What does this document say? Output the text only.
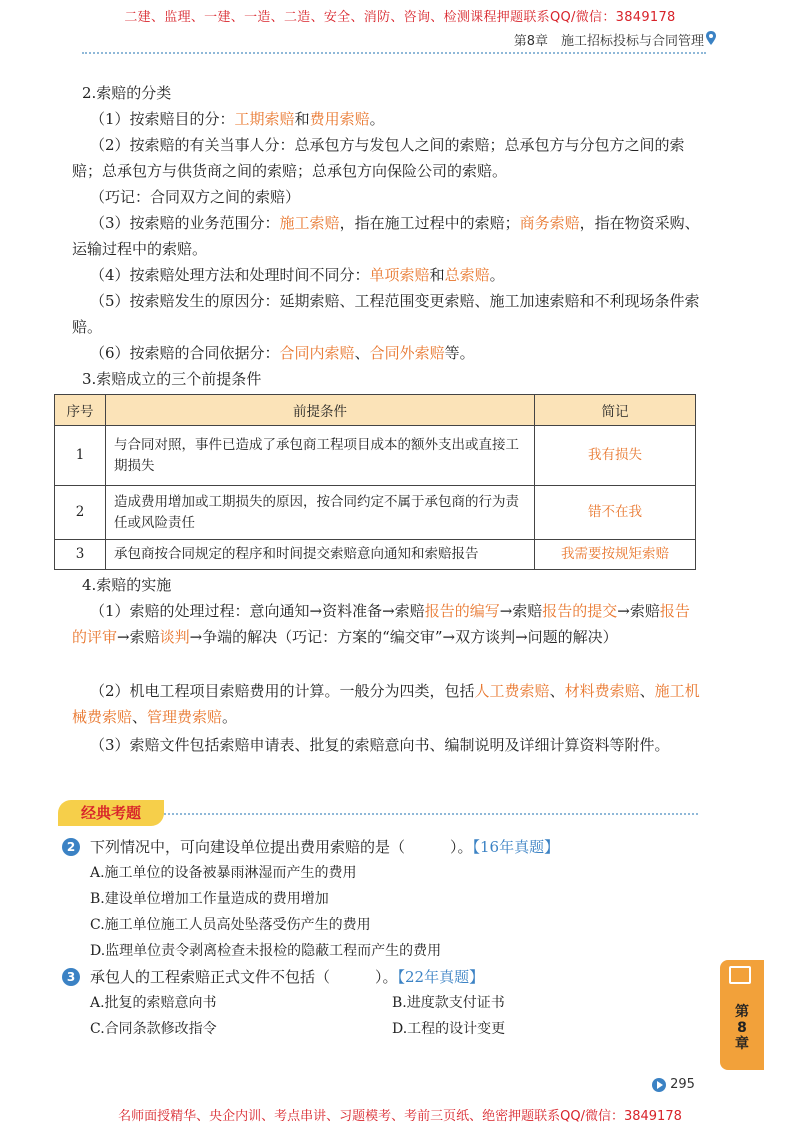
二建、监理、一建、一造、二造、安全、消防、咨询、检测课程押题联系QQ/微信：3849178
第8章　施工招标投标与合同管理
2.索赔的分类
（1）按索赔目的分：工期索赔和费用索赔。
（2）按索赔的有关当事人分：总承包方与发包人之间的索赔；总承包方与分包方之间的索赔；总承包方与供货商之间的索赔；总承包方向保险公司的索赔。
（巧记：合同双方之间的索赔）
（3）按索赔的业务范围分：施工索赔，指在施工过程中的索赔；商务索赔，指在物资采购、运输过程中的索赔。
（4）按索赔处理方法和处理时间不同分：单项索赔和总索赔。
（5）按索赔发生的原因分：延期索赔、工程范围变更索赔、施工加速索赔和不利现场条件索赔。
（6）按索赔的合同依据分：合同内索赔、合同外索赔等。
3.索赔成立的三个前提条件
序号	前提条件	简记
1	与合同对照，事件已造成了承包商工程项目成本的额外支出或直接工期损失	我有损失
2	造成费用增加或工期损失的原因，按合同约定不属于承包商的行为责任或风险责任	错不在我
3	承包商按合同规定的程序和时间提交索赔意向通知和索赔报告	我需要按规矩索赔
4.索赔的实施
（1）索赔的处理过程：意向通知→资料准备→索赔报告的编写→索赔报告的提交→索赔报告的评审→索赔谈判→争端的解决（巧记：方案的“编交审”→双方谈判→问题的解决）
（2）机电工程项目索赔费用的计算。一般分为四类，包括人工费索赔、材料费索赔、施工机械费索赔、管理费索赔。
（3）索赔文件包括索赔申请表、批复的索赔意向书、编制说明及详细计算资料等附件。
经典考题
2 下列情况中，可向建设单位提出费用索赔的是（　　　）。【16年真题】
A.施工单位的设备被暴雨淋湿而产生的费用
B.建设单位增加工作量造成的费用增加
C.施工单位施工人员高处坠落受伤产生的费用
D.监理单位责令剥离检查未报检的隐蔽工程而产生的费用
3 承包人的工程索赔正式文件不包括（　　　）。【22年真题】
A.批复的索赔意向书	B.进度款支付证书
C.合同条款修改指令	D.工程的设计变更
第
8
章
295
名师面授精华、央企内训、考点串讲、习题模考、考前三页纸、绝密押题联系QQ/微信：3849178
